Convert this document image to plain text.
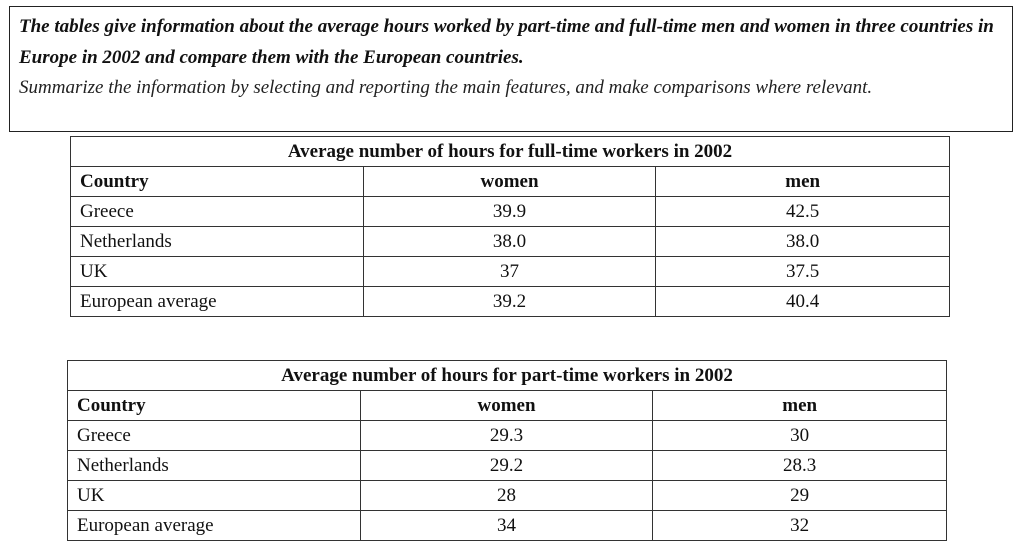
The tables give information about the average hours worked by part-time and full-time men and women in three countries in Europe in 2002 and compare them with the European countries.

Summarize the information by selecting and reporting the main features, and make comparisons where relevant.

Average number of hours for full-time workers in 2002		
Country	women	men
Greece	39.9	42.5
Netherlands	38.0	38.0
UK	37	37.5
European average	39.2	40.4
Average number of hours for part-time workers in 2002		
Country	women	men
Greece	29.3	30
Netherlands	29.2	28.3
UK	28	29
European average	34	32
